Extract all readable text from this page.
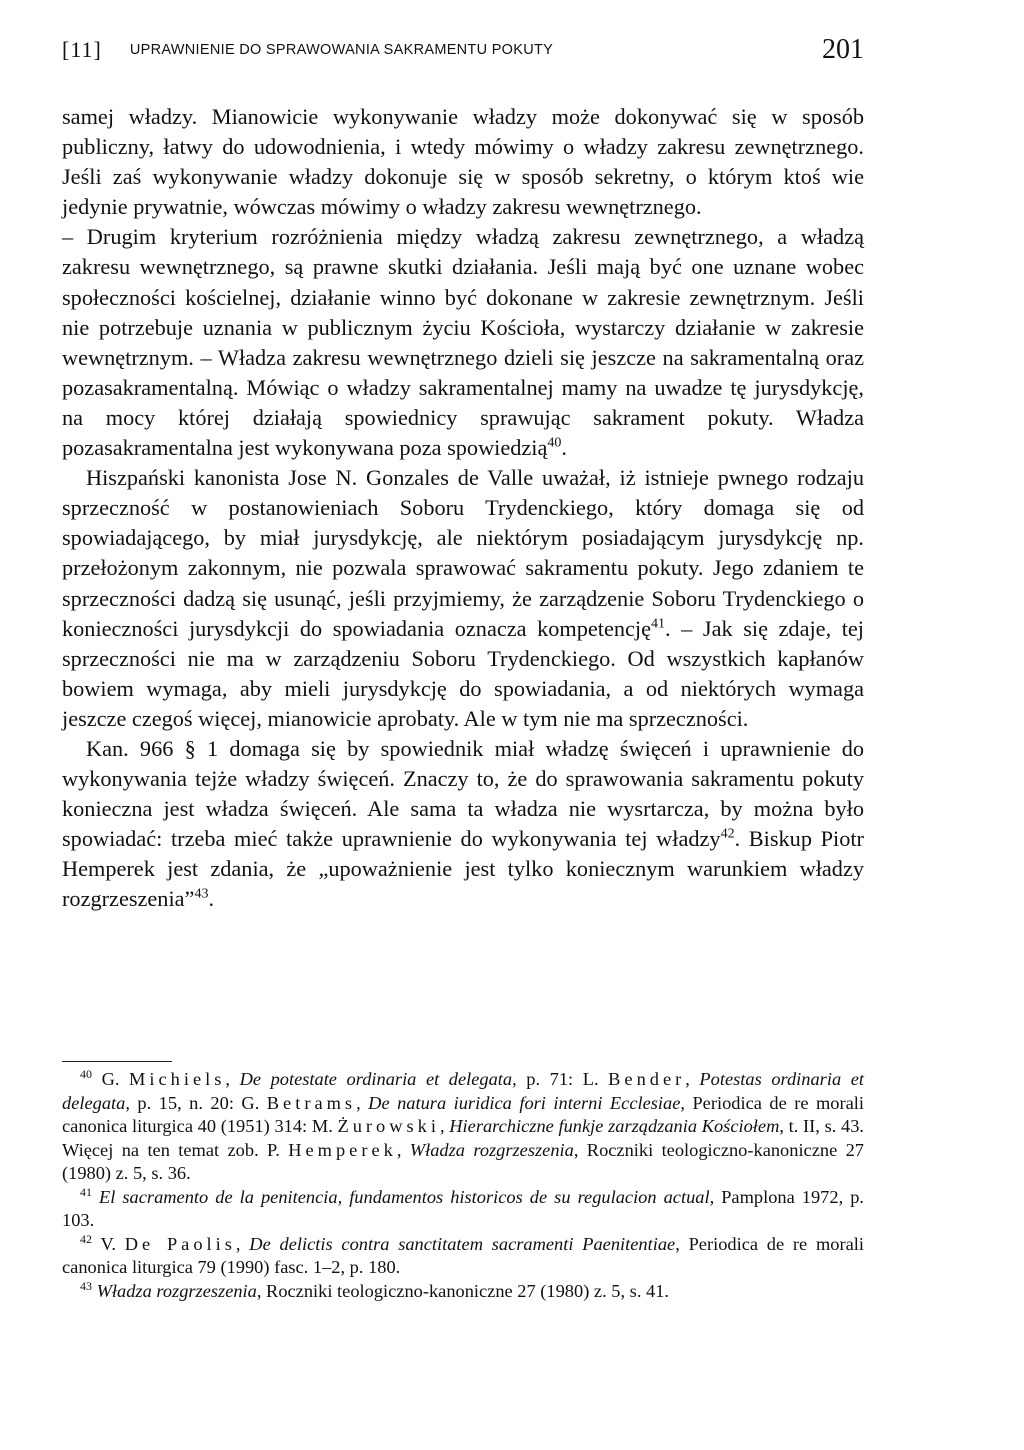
[11]	UPRAWNIENIE DO SPRAWOWANIA SAKRAMENTU POKUTY	201

samej władzy. Mianowicie wykonywanie władzy może dokonywać się w sposób publiczny, łatwy do udowodnienia, i wtedy mówimy o władzy zakresu zewnętrznego. Jeśli zaś wykonywanie władzy dokonuje się w sposób sekretny, o którym ktoś wie jedynie prywatnie, wówczas mówimy o władzy zakresu wewnętrznego.

– Drugim kryterium rozróżnienia między władzą zakresu zewnętrznego, a władzą zakresu wewnętrznego, są prawne skutki działania. Jeśli mają być one uznane wobec społeczności kościelnej, działanie winno być dokonane w zakresie zewnętrznym. Jeśli nie potrzebuje uznania w publicznym życiu Kościoła, wystarczy działanie w zakresie wewnętrznym. – Władza zakresu wewnętrznego dzieli się jeszcze na sakramentalną oraz pozasakramentalną. Mówiąc o władzy sakramentalnej mamy na uwadze tę jurysdykcję, na mocy której działają spowiednicy sprawując sakrament pokuty. Władza pozasakramentalna jest wykonywana poza spowiedzią$^{40}$.

Hiszpański kanonista Jose N. Gonzales de Valle uważał, iż istnieje pwnego rodzaju sprzeczność w postanowieniach Soboru Trydenckiego, który domaga się od spowiadającego, by miał jurysdykcję, ale niektórym posiadającym jurysdykcję np. przełożonym zakonnym, nie pozwala sprawować sakramentu pokuty. Jego zdaniem te sprzeczności dadzą się usunąć, jeśli przyjmiemy, że zarządzenie Soboru Trydenckiego o konieczności jurysdykcji do spowiadania oznacza kompetencję$^{41}$. – Jak się zdaje, tej sprzeczności nie ma w zarządzeniu Soboru Trydenckiego. Od wszystkich kapłanów bowiem wymaga, aby mieli jurysdykcję do spowiadania, a od niektórych wymaga jeszcze czegoś więcej, mianowicie aprobaty. Ale w tym nie ma sprzeczności.

Kan. 966 § 1 domaga się by spowiednik miał władzę święceń i uprawnienie do wykonywania tejże władzy święceń. Znaczy to, że do sprawowania sakramentu pokuty konieczna jest władza święceń. Ale sama ta władza nie wysrtarcza, by można było spowiadać: trzeba mieć także uprawnienie do wykonywania tej władzy$^{42}$. Biskup Piotr Hemperek jest zdania, że „upoważnienie jest tylko koniecznym warunkiem władzy rozgrzeszenia”$^{43}$.

$^{40}$ G. Michiels, De potestate ordinaria et delegata, p. 71: L. Bender, Potestas ordinaria et delegata, p. 15, n. 20: G. Betrams, De natura iuridica fori interni Ecclesiae, Periodica de re morali canonica liturgica 40 (1951) 314: M. Żurowski, Hierarchiczne funkje zarządzania Kościołem, t. II, s. 43. Więcej na ten temat zob. P. Hemperek, Władza rozgrzeszenia, Roczniki teologiczno-kanoniczne 27 (1980) z. 5, s. 36.

$^{41}$ El sacramento de la penitencia, fundamentos historicos de su regulacion actual, Pamplona 1972, p. 103.

$^{42}$ V. De Paolis, De delictis contra sanctitatem sacramenti Paenitentiae, Periodica de re morali canonica liturgica 79 (1990) fasc. 1–2, p. 180.

$^{43}$ Władza rozgrzeszenia, Roczniki teologiczno-kanoniczne 27 (1980) z. 5, s. 41.
